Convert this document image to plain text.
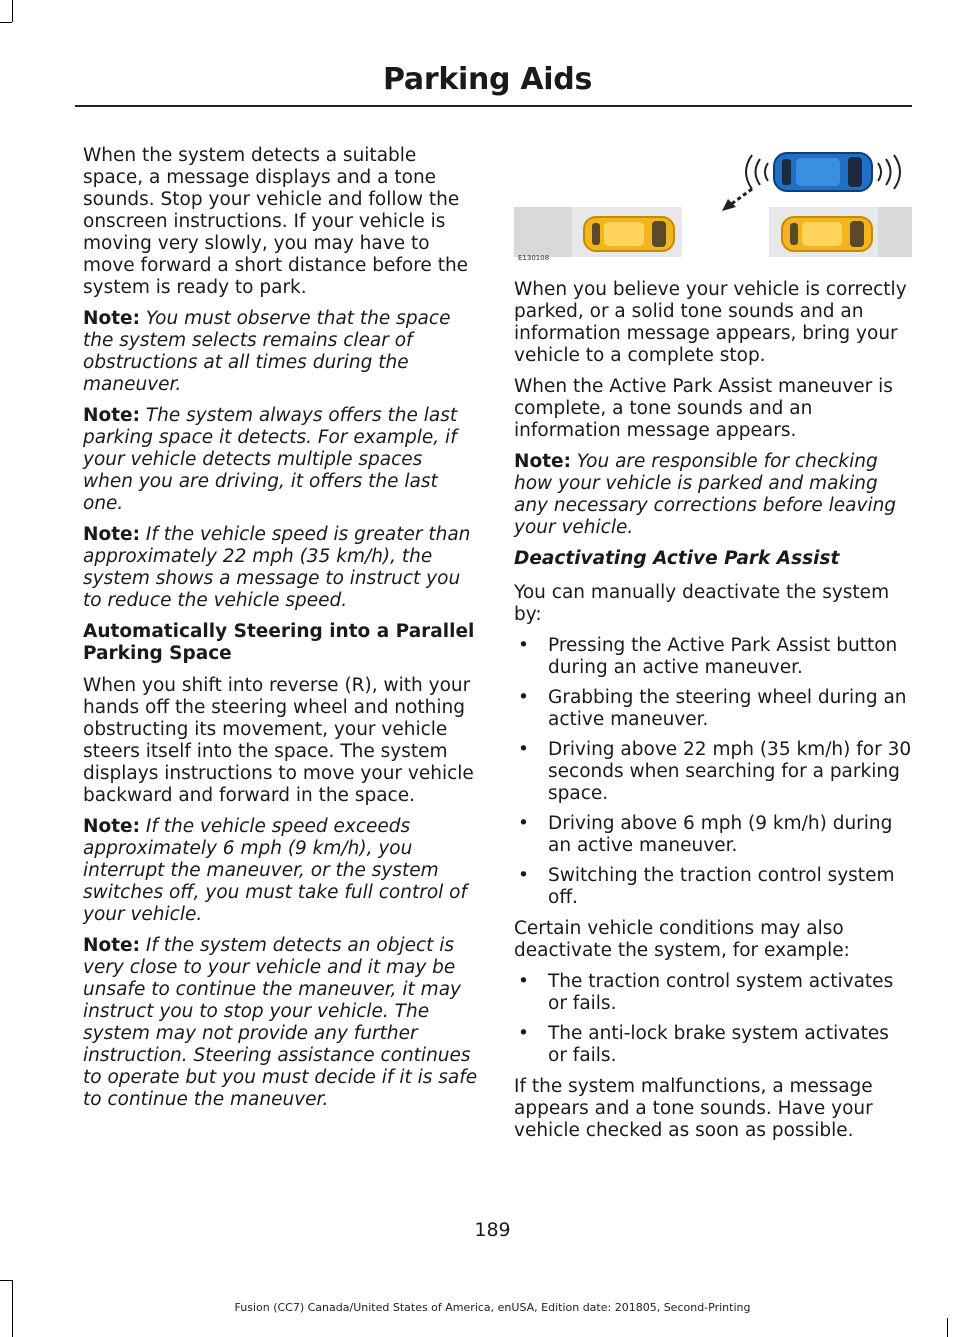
Parking Aids

When the system detects a suitable space, a message displays and a tone sounds. Stop your vehicle and follow the onscreen instructions. If your vehicle is moving very slowly, you may have to move forward a short distance before the system is ready to park.

Note: You must observe that the space the system selects remains clear of obstructions at all times during the maneuver.

Note: The system always offers the last parking space it detects. For example, if your vehicle detects multiple spaces when you are driving, it offers the last one.

Note: If the vehicle speed is greater than approximately 22 mph (35 km/h), the system shows a message to instruct you to reduce the vehicle speed.

Automatically Steering into a Parallel Parking Space

When you shift into reverse (R), with your hands off the steering wheel and nothing obstructing its movement, your vehicle steers itself into the space. The system displays instructions to move your vehicle backward and forward in the space.

Note: If the vehicle speed exceeds approximately 6 mph (9 km/h), you interrupt the maneuver, or the system switches off, you must take full control of your vehicle.

Note: If the system detects an object is very close to your vehicle and it may be unsafe to continue the maneuver, it may instruct you to stop your vehicle. The system may not provide any further instruction. Steering assistance continues to operate but you must decide if it is safe to continue the maneuver.

E130108

When you believe your vehicle is correctly parked, or a solid tone sounds and an information message appears, bring your vehicle to a complete stop.

When the Active Park Assist maneuver is complete, a tone sounds and an information message appears.

Note: You are responsible for checking how your vehicle is parked and making any necessary corrections before leaving your vehicle.

Deactivating Active Park Assist

You can manually deactivate the system by:

• Pressing the Active Park Assist button during an active maneuver.
• Grabbing the steering wheel during an active maneuver.
• Driving above 22 mph (35 km/h) for 30 seconds when searching for a parking space.
• Driving above 6 mph (9 km/h) during an active maneuver.
• Switching the traction control system off.

Certain vehicle conditions may also deactivate the system, for example:

• The traction control system activates or fails.
• The anti-lock brake system activates or fails.

If the system malfunctions, a message appears and a tone sounds. Have your vehicle checked as soon as possible.

189
Fusion (CC7) Canada/United States of America, enUSA, Edition date: 201805, Second-Printing
